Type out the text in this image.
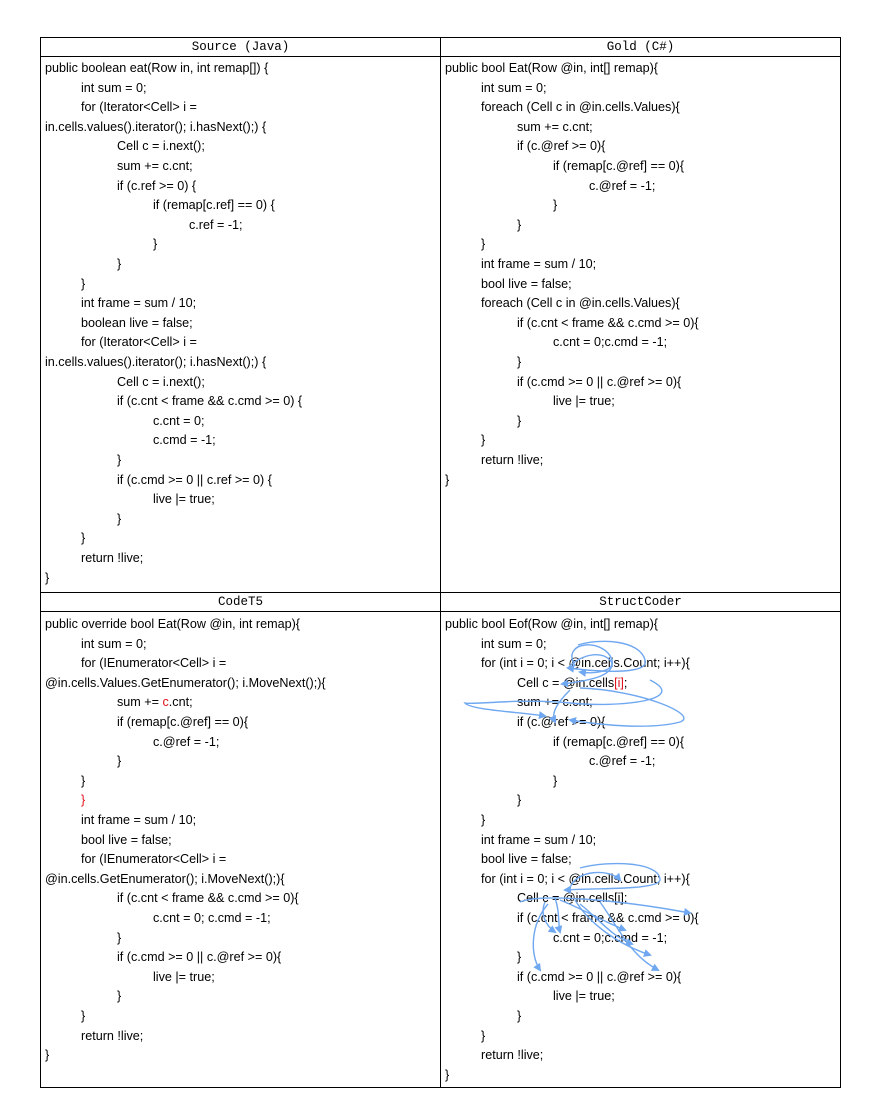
Source (Java)	Gold (C#)
CodeT5	StructCoder
public boolean eat(Row in, int remap[]) {
int sum = 0;
for (Iterator<Cell> i =
in.cells.values().iterator(); i.hasNext();) {
Cell c = i.next();
sum += c.cnt;
if (c.ref >= 0) {
if (remap[c.ref] == 0) {
c.ref = -1;
}
}
}
int frame = sum / 10;
boolean live = false;
for (Iterator<Cell> i =
in.cells.values().iterator(); i.hasNext();) {
Cell c = i.next();
if (c.cnt < frame && c.cmd >= 0) {
c.cnt = 0;
c.cmd = -1;
}
if (c.cmd >= 0 || c.ref >= 0) {
live |= true;
}
}
return !live;
}
public bool Eat(Row @in, int[] remap){
int sum = 0;
foreach (Cell c in @in.cells.Values){
sum += c.cnt;
if (c.@ref >= 0){
if (remap[c.@ref] == 0){
c.@ref = -1;
}
}
}
int frame = sum / 10;
bool live = false;
foreach (Cell c in @in.cells.Values){
if (c.cnt < frame && c.cmd >= 0){
c.cnt = 0;c.cmd = -1;
}
if (c.cmd >= 0 || c.@ref >= 0){
live |= true;
}
}
return !live;
}
public override bool Eat(Row @in, int remap){
int sum = 0;
for (IEnumerator<Cell> i =
@in.cells.Values.GetEnumerator(); i.MoveNext();){
sum += c.cnt;
if (remap[c.@ref] == 0){
c.@ref = -1;
}
}
}
int frame = sum / 10;
bool live = false;
for (IEnumerator<Cell> i =
@in.cells.GetEnumerator(); i.MoveNext();){
if (c.cnt < frame && c.cmd >= 0){
c.cnt = 0; c.cmd = -1;
}
if (c.cmd >= 0 || c.@ref >= 0){
live |= true;
}
}
return !live;
}
public bool Eof(Row @in, int[] remap){
int sum = 0;
for (int i = 0; i < @in.cells.Count; i++){
Cell c = @in.cells[i];
sum += c.cnt;
if (c.@ref >= 0){
if (remap[c.@ref] == 0){
c.@ref = -1;
}
}
}
int frame = sum / 10;
bool live = false;
for (int i = 0; i < @in.cells.Count; i++){
Cell c = @in.cells[i];
if (c.cnt < frame && c.cmd >= 0){
c.cnt = 0;c.cmd = -1;
}
if (c.cmd >= 0 || c.@ref >= 0){
live |= true;
}
}
return !live;
}
